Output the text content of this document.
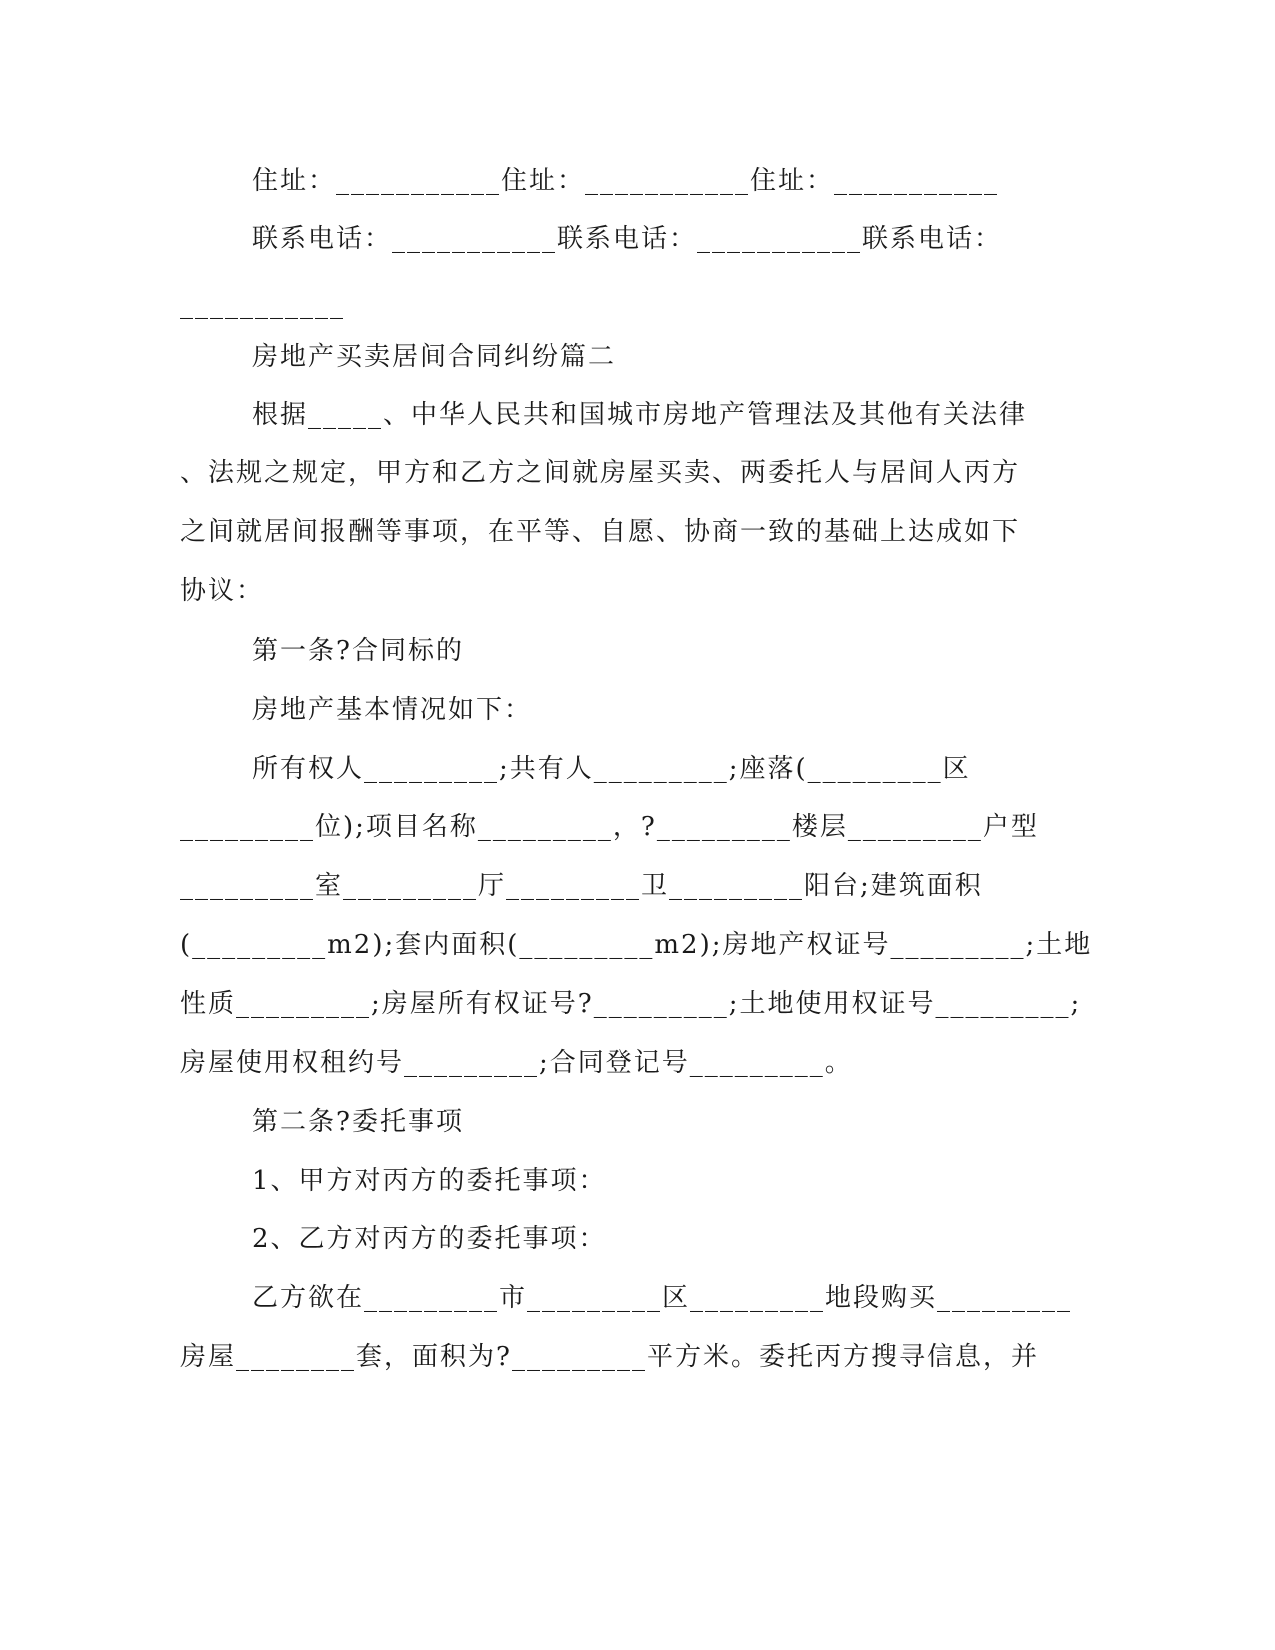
住址：___________住址：___________住址：___________
联系电话：___________联系电话：___________联系电话：
___________
房地产买卖居间合同纠纷篇二
根据_____、中华人民共和国城市房地产管理法及其他有关法律
、法规之规定，甲方和乙方之间就房屋买卖、两委托人与居间人丙方
之间就居间报酬等事项，在平等、自愿、协商一致的基础上达成如下
协议：
第一条?合同标的
房地产基本情况如下：
所有权人_________;共有人_________;座落(_________区
_________位);项目名称_________，?_________楼层_________户型
_________室_________厅_________卫_________阳台;建筑面积
(_________m2);套内面积(_________m2);房地产权证号_________;土地
性质_________;房屋所有权证号?_________;土地使用权证号_________;
房屋使用权租约号_________;合同登记号_________。
第二条?委托事项
1、甲方对丙方的委托事项：
2、乙方对丙方的委托事项：
乙方欲在_________市_________区_________地段购买_________
房屋________套，面积为?_________平方米。委托丙方搜寻信息，并
